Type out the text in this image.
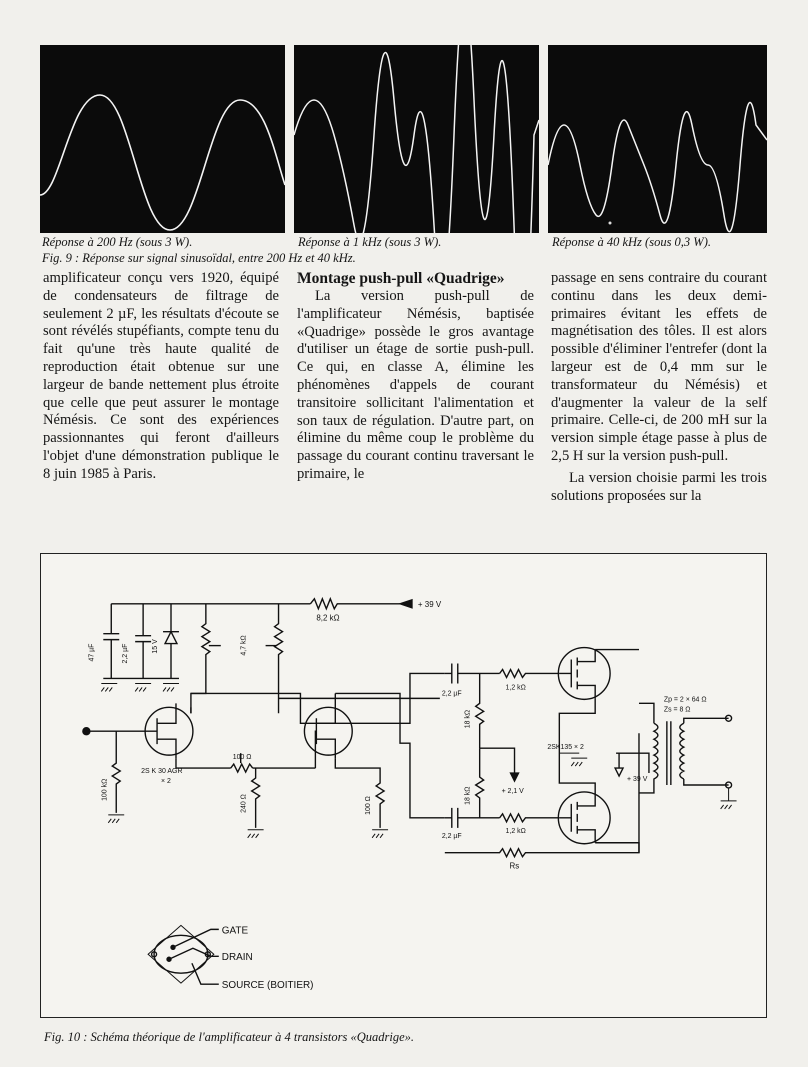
Réponse à 200 Hz (sous 3 W).	Réponse à 1 kHz (sous 3 W).	Réponse à 40 kHz (sous 0,3 W).
Fig. 9 : Réponse sur signal sinusoïdal, entre 200 Hz et 40 kHz.

amplificateur conçu vers 1920, équipé de condensateurs de filtrage de seulement 2 µF, les résultats d'écoute se sont révélés stupéfiants, compte tenu du fait qu'une très haute qualité de reproduction était obtenue sur une largeur de bande nettement plus étroite que celle que peut assurer le montage Némésis. Ce sont des expériences passionnantes qui feront d'ailleurs l'objet d'une démonstration publique le 8 juin 1985 à Paris.

Montage push-pull «Quadrige»

La version push-pull de l'amplificateur Némésis, baptisée «Quadrige» possède le gros avantage d'utiliser un étage de sortie push-pull. Ce qui, en classe A, élimine les phénomènes d'appels de courant transitoire sollicitant l'alimentation et son taux de régulation. D'autre part, on élimine du même coup le problème du passage du courant continu traversant le primaire, le

passage en sens contraire du courant continu dans les deux demi-primaires évitant les effets de magnétisation des tôles. Il est alors possible d'éliminer l'entrefer (dont la largeur est de 0,4 mm sur le transformateur du Némésis) et d'augmenter la valeur de la self primaire. Celle-ci, de 200 mH sur la version simple étage passe à plus de 2,5 H sur la version push-pull.

La version choisie parmi les trois solutions proposées sur la

8,2 kΩ
+ 39 V
47 µF	2,2 µF	15 V	4,7 kΩ
100 kΩ
2S K 30 AGR
× 2
100 Ω
240 Ω	100 Ω
2,2 µF
1,2 kΩ
18 kΩ
+ 2,1 V
2,2 µF
1,2 kΩ
18 kΩ
Rs
2SK135 × 2
+ 39 V
Zp = 2 × 64 Ω
Zs = 8 Ω
GATE
DRAIN
SOURCE (BOITIER)
Fig. 10 : Schéma théorique de l'amplificateur à 4 transistors «Quadrige».
